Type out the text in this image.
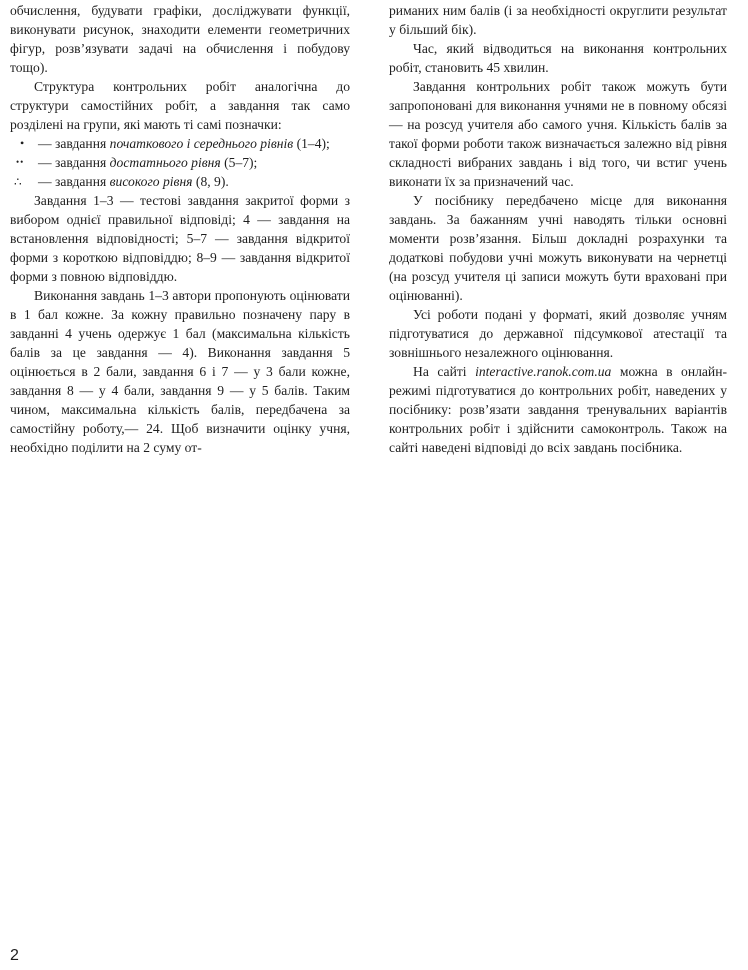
обчислення, будувати графіки, досліджувати функції, виконувати рисунок, знаходити елементи геометричних фігур, розв’язувати задачі на обчислення і побудову тощо).

Структура контрольних робіт аналогічна до структури самостійних робіт, а завдання так само розділені на групи, які мають ті самі позначки:

• — завдання початкового і середнього рівнів (1–4);
••	— завдання достатнього рівня (5–7);
∴	— завдання високого рівня (8, 9).

Завдання 1–3 — тестові завдання закритої форми з вибором однієї правильної відповіді; 4 — завдання на встановлення відповідності; 5–7 — завдання відкритої форми з короткою відповіддю; 8–9 — завдання відкритої форми з повною відповіддю.

Виконання завдань 1–3 автори пропонують оцінювати в 1 бал кожне. За кожну правильно позначену пару в завданні 4 учень одержує 1 бал (максимальна кількість балів за це завдання — 4). Виконання завдання 5 оцінюється в 2 бали, завдання 6 і 7 — у 3 бали кожне, завдання 8 — у 4 бали, завдання 9 — у 5 балів. Таким чином, максимальна кількість балів, передбачена за самостійну роботу,— 24. Щоб визначити оцінку учня, необхідно поділити на 2 суму от-

риманих ним балів (і за необхідності округлити результат у більший бік).

Час, який відводиться на виконання контрольних робіт, становить 45 хвилин.

Завдання контрольних робіт також можуть бути запропоновані для виконання учнями не в повному обсязі — на розсуд учителя або самого учня. Кількість балів за такої форми роботи також визначається залежно від рівня складності вибраних завдань і від того, чи встиг учень виконати їх за призначений час.

У посібнику передбачено місце для виконання завдань. За бажанням учні наводять тільки основні моменти розв’язання. Більш докладні розрахунки та додаткові побудови учні можуть виконувати на чернетці (на розсуд учителя ці записи можуть бути враховані при оцінюванні).

Усі роботи подані у форматі, який дозволяє учням підготуватися до державної підсумкової атестації та зовнішнього незалежного оцінювання.

На сайті interactive.ranok.com.ua можна в онлайн-режимі підготуватися до контрольних робіт, наведених у посібнику: розв’язати завдання тренувальних варіантів контрольних робіт і здійснити самоконтроль. Також на сайті наведені відповіді до всіх завдань посібника.

2
